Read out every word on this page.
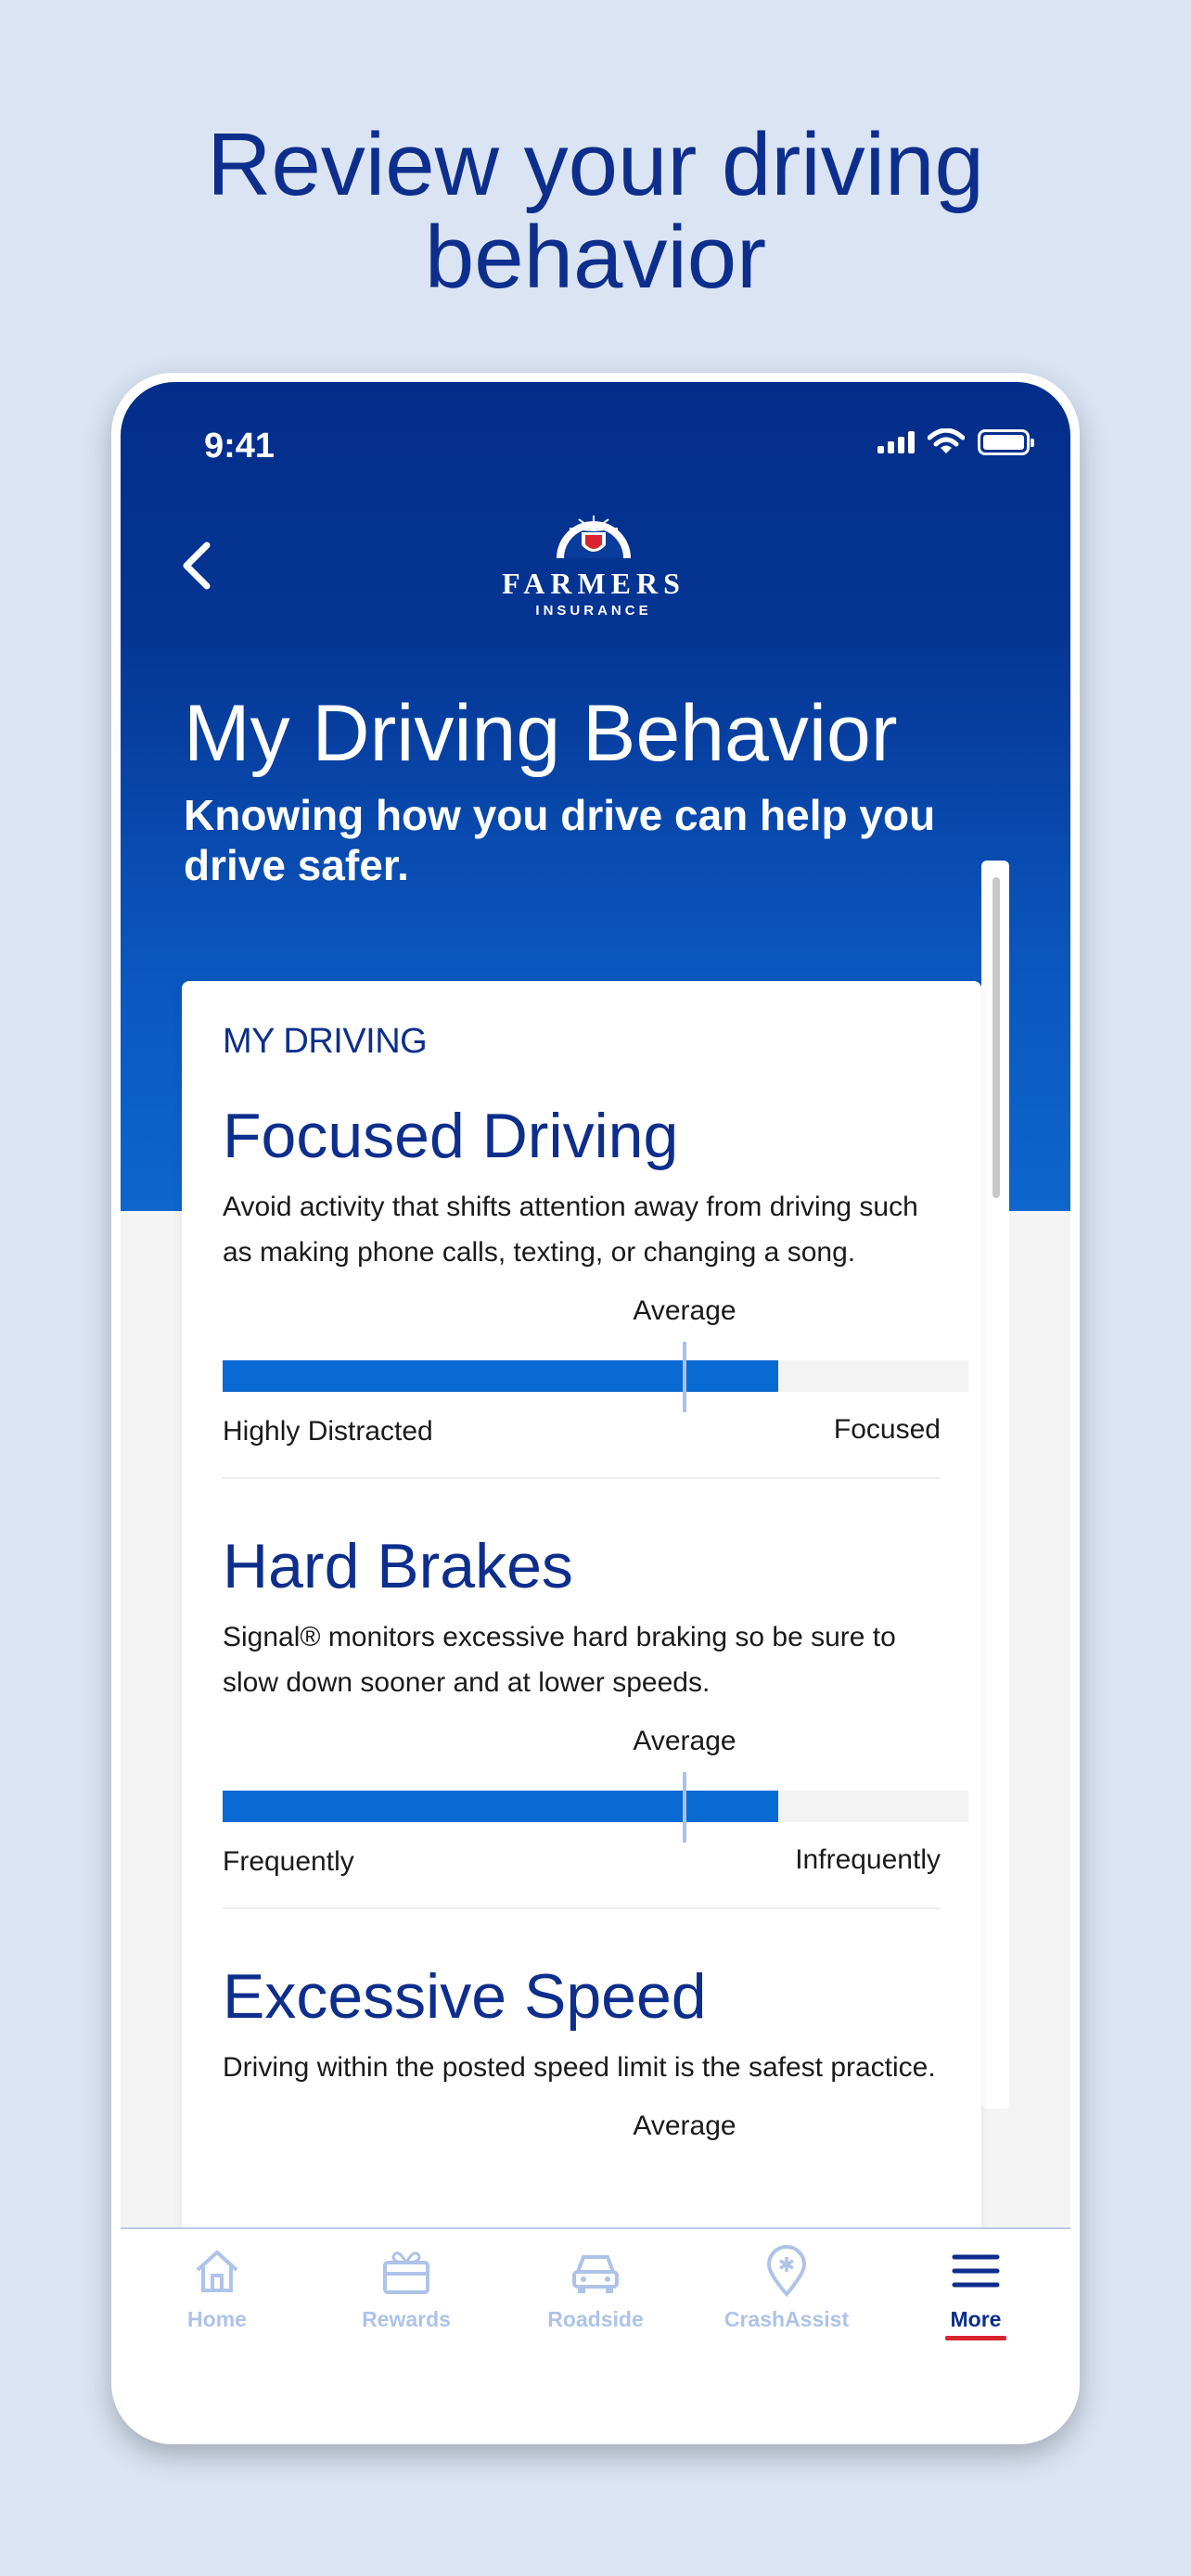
Review your driving
behavior
9:41
FARMERS
INSURANCE
My Driving Behavior
Knowing how you drive can help you drive safer.
MY DRIVING
Focused Driving
Avoid activity that shifts attention away from driving such as making phone calls, texting, or changing a song.
Average
Highly Distracted	Focused
Hard Brakes
Signal® monitors excessive hard braking so be sure to slow down sooner and at lower speeds.
Average
Frequently	Infrequently
Excessive Speed
Driving within the posted speed limit is the safest practice.
Average
Home	Rewards	Roadside
✱
CrashAssist	More
